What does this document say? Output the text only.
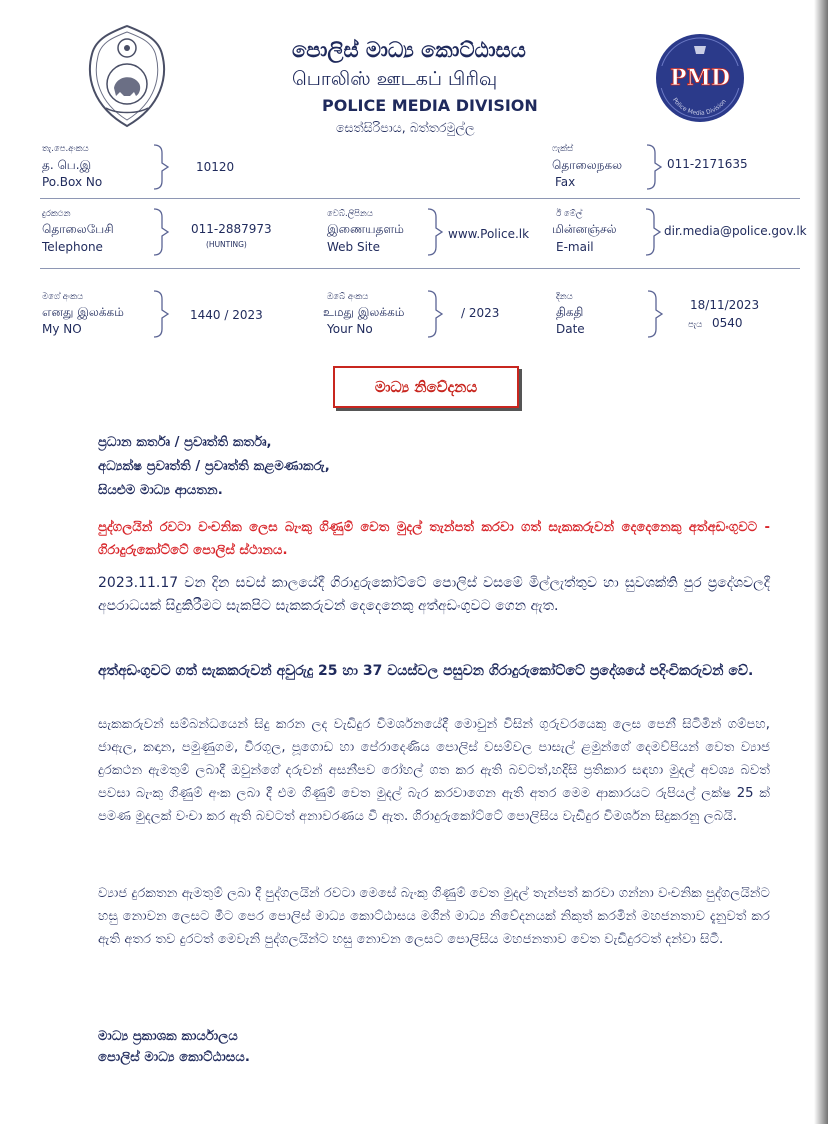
පොලිස් මාධ්‍ය කොට්ඨාසය
பொலிஸ் ஊடகப் பிரிவு
POLICE MEDIA DIVISION
සෙත්සිරිපාය, බත්තරමුල්ල
PMD
Police Media Division
තැ.පෙ.අංකය
த. பெ.இ
Po.Box No
10120
ෆැක්ස්
தொலைநகல
Fax
011-2171635
දුරකථන
தொலைபேசி
Telephone
011-2887973
(HUNTING)
වෙබ්.ලිපිනය
இணையதளம்
Web Site
www.Police.lk
ඊ මේල්
மின்னஞ்சல்
E-mail
dir.media@police.gov.lk
මගේ අංකය
எனது இலக்கம்
My NO
1440 / 2023
ඔබේ අංකය
உமது இலக்கம்
Your No
/ 2023
දිනය
திகதி
Date
18/11/2023
පැය 0540
මාධ්‍ය නිවේදනය
ප්‍රධාන කර්තෘ / ප්‍රවෘත්ති කර්තෘ,
අධ්‍යක්ෂ ප්‍රවෘත්ති / ප්‍රවෘත්ති කළමණාකරු,
සියළුම මාධ්‍ය ආයතන.
පුද්ගලයින් රවටා වංචනික ලෙස බැංකු ගිණුම් වෙත මුදල් තැන්පත් කරවා ගත් සැකකරුවන් දෙදෙනෙකු අත්අඩංගුවට - ගිරාදුරුකෝට්ටේ පොලිස් ස්ථානය.
2023.11.17 වන දින සවස් කාලයේදී ගිරාදුරුකෝට්ටේ පොලිස් වසමේ මිල්ලැත්තුව හා සුවශක්ති පුර ප්‍රදේශවලදී අපරාධයක් සිදුකිරීමට සැකපිට සැකකරුවන් දෙදෙනෙකු අත්අඩංගුවට ගෙන ඇත.
අත්අඩංගුවට ගත් සැකකරුවන් අවුරුදු 25 හා 37 වයස්වල පසුවන ගිරාදුරුකෝට්ටේ ප්‍රදේශයේ පදිංචිකරුවන් වේ.
සැකකරුවන් සම්බන්ධයෙන් සිදු කරන ලද වැඩිදුර විමර්ශනයේදී මොවුන් විසින් ගුරුවරයෙකු ලෙස පෙනී සිටිමින් ගම්පහ, ජාඇල, කඳාන, පමුණුගම, වීරගුල, පූගොඩ හා පේරාදෙණිය පොලිස් වසම්වල පාසැල් ළමුන්ගේ දෙමව්පියන් වෙත ව්‍යාජ දුරකථන ඇමතුම් ලබාදී ඔවුන්ගේ දරුවන් අසනීපව රෝහල් ගත කර ඇති බවටත්,හදිසි ප්‍රතිකාර සඳහා මුදල් අවශ්‍ය බවත් පවසා බැංකු ගිණුම් අංක ලබා දී එම ගිණුම් වෙත මුදල් බැර කරවාගෙන ඇති අතර මෙම ආකාරයට රුපියල් ලක්ෂ 25 ක් පමණ මුදලක් වංචා කර ඇති බවටත් අනාවරණය වී ඇත. ගිරාදුරුකෝට්ටේ පොලිසිය වැඩිදුර විමර්ශන සිදුකරනු ලබයි.
ව්‍යාජ දුරකතන ඇමතුම් ලබා දී පුද්ගලයින් රවටා මෙසේ බැංකු ගිණුම් වෙත මුදල් තැන්පත් කරවා ගන්නා වංචනික පුද්ගලයින්ට හසු නොවන ලෙසට මීට පෙර පොලිස් මාධ්‍ය කොට්ඨාසය මගින් මාධ්‍ය නිවේදනයක් නිකුත් කරමින් මහජනතාව දැනුවත් කර ඇති අතර තව දුරටත් මෙවැනි පුද්ගලයින්ට හසු නොවන ලෙසට පොලිසිය මහජනතාව වෙත වැඩිදුරටත් දන්වා සිටී.
මාධ්‍ය ප්‍රකාශක කාර්යාලය
පොලිස් මාධ්‍ය කොට්ඨාසය.
